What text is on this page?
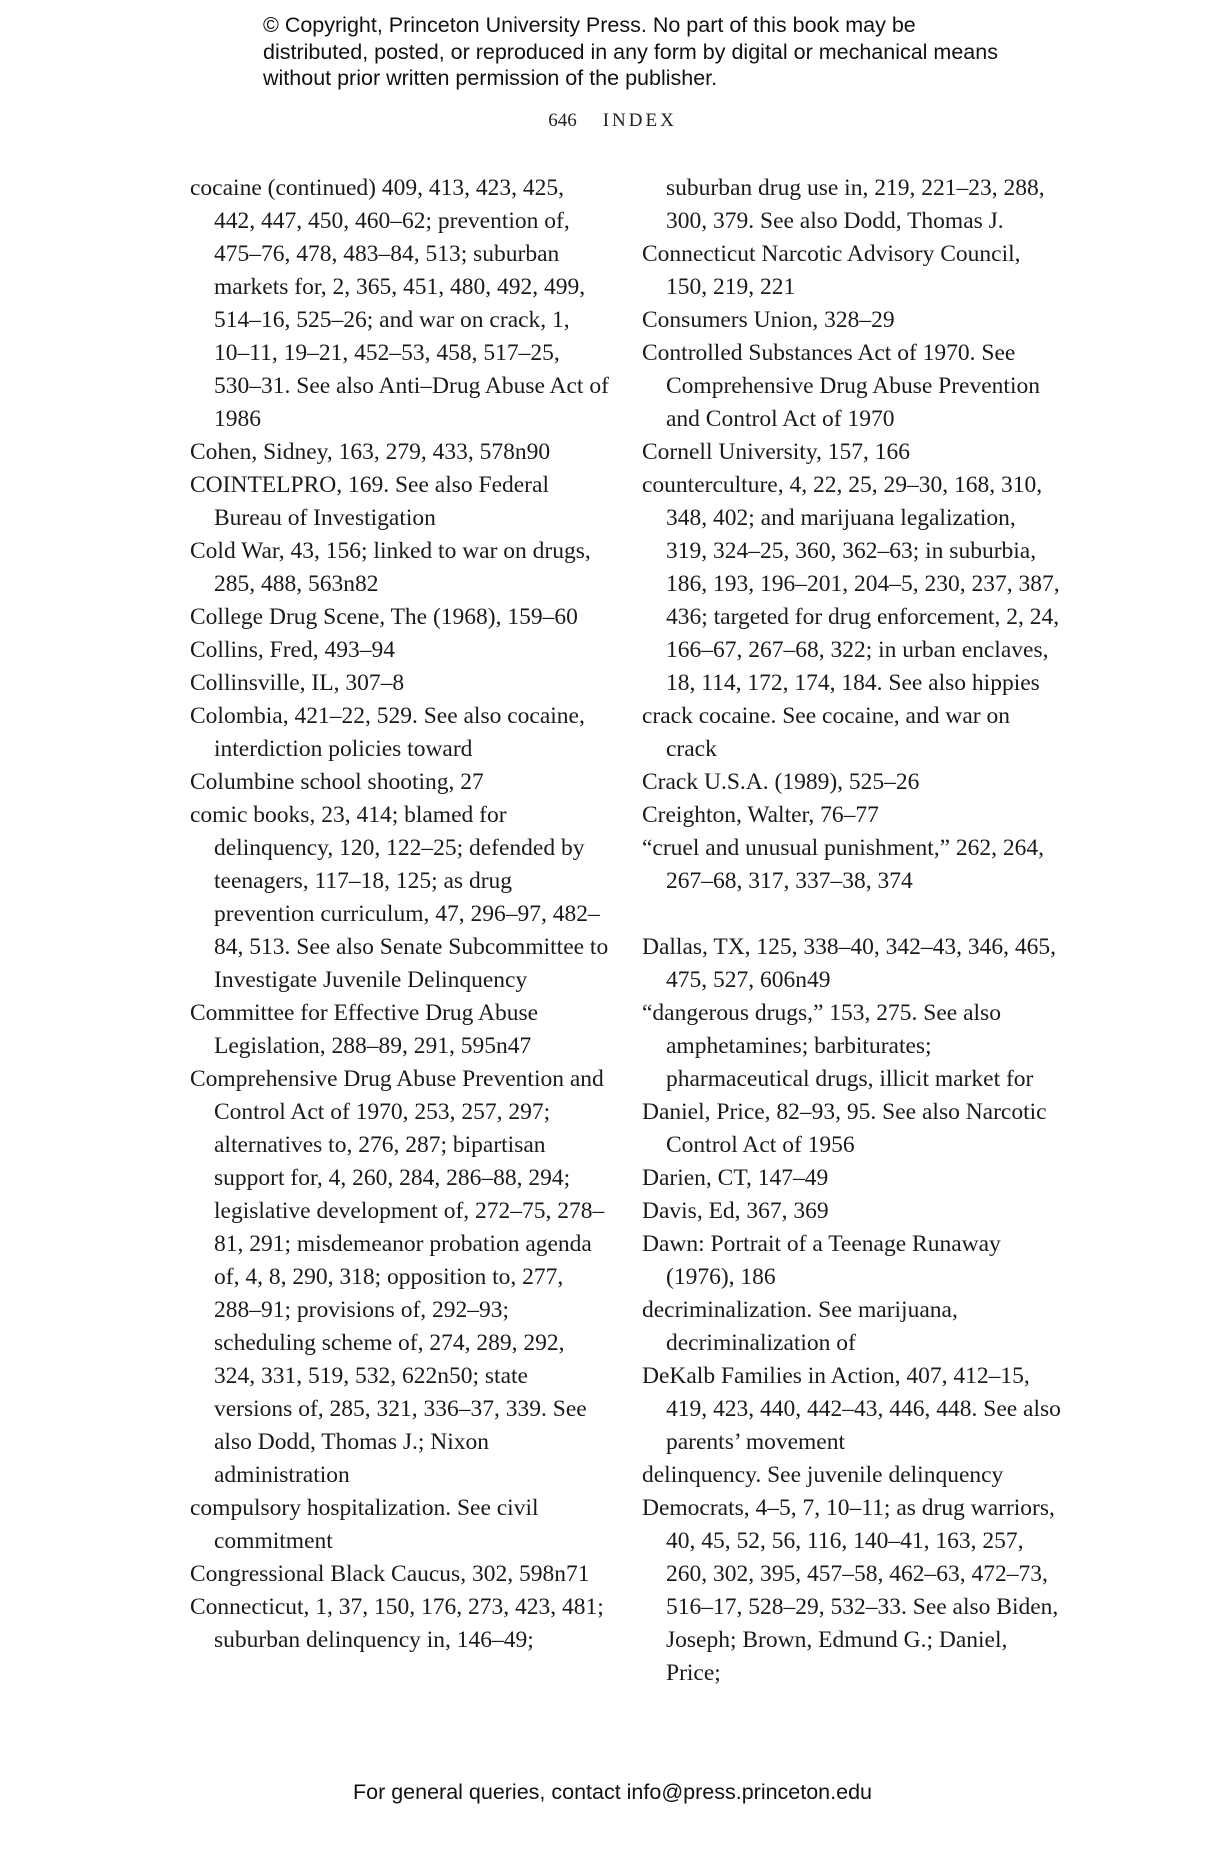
© Copyright, Princeton University Press. No part of this book may be distributed, posted, or reproduced in any form by digital or mechanical means without prior written permission of the publisher.
646 INDEX

cocaine (continued) 409, 413, 423, 425, 442, 447, 450, 460–62; prevention of, 475–76, 478, 483–84, 513; suburban markets for, 2, 365, 451, 480, 492, 499, 514–16, 525–26; and war on crack, 1, 10–11, 19–21, 452–53, 458, 517–25, 530–31. See also Anti–Drug Abuse Act of 1986

Cohen, Sidney, 163, 279, 433, 578n90

COINTELPRO, 169. See also Federal Bureau of Investigation

Cold War, 43, 156; linked to war on drugs, 285, 488, 563n82

College Drug Scene, The (1968), 159–60

Collins, Fred, 493–94

Collinsville, IL, 307–8

Colombia, 421–22, 529. See also cocaine, interdiction policies toward

Columbine school shooting, 27

comic books, 23, 414; blamed for delinquency, 120, 122–25; defended by teenagers, 117–18, 125; as drug prevention curriculum, 47, 296–97, 482–84, 513. See also Senate Subcommittee to Investigate Juvenile Delinquency

Committee for Effective Drug Abuse Legislation, 288–89, 291, 595n47

Comprehensive Drug Abuse Prevention and Control Act of 1970, 253, 257, 297; alternatives to, 276, 287; bipartisan support for, 4, 260, 284, 286–88, 294; legislative development of, 272–75, 278–81, 291; misdemeanor probation agenda of, 4, 8, 290, 318; opposition to, 277, 288–91; provisions of, 292–93; scheduling scheme of, 274, 289, 292, 324, 331, 519, 532, 622n50; state versions of, 285, 321, 336–37, 339. See also Dodd, Thomas J.; Nixon administration

compulsory hospitalization. See civil commitment

Congressional Black Caucus, 302, 598n71

Connecticut, 1, 37, 150, 176, 273, 423, 481; suburban delinquency in, 146–49;

suburban drug use in, 219, 221–23, 288, 300, 379. See also Dodd, Thomas J.

Connecticut Narcotic Advisory Council, 150, 219, 221

Consumers Union, 328–29

Controlled Substances Act of 1970. See Comprehensive Drug Abuse Prevention and Control Act of 1970

Cornell University, 157, 166

counterculture, 4, 22, 25, 29–30, 168, 310, 348, 402; and marijuana legalization, 319, 324–25, 360, 362–63; in suburbia, 186, 193, 196–201, 204–5, 230, 237, 387, 436; targeted for drug enforcement, 2, 24, 166–67, 267–68, 322; in urban enclaves, 18, 114, 172, 174, 184. See also hippies

crack cocaine. See cocaine, and war on crack

Crack U.S.A. (1989), 525–26

Creighton, Walter, 76–77

“cruel and unusual punishment,” 262, 264, 267–68, 317, 337–38, 374

Dallas, TX, 125, 338–40, 342–43, 346, 465, 475, 527, 606n49

“dangerous drugs,” 153, 275. See also amphetamines; barbiturates; pharmaceutical drugs, illicit market for

Daniel, Price, 82–93, 95. See also Narcotic Control Act of 1956

Darien, CT, 147–49

Davis, Ed, 367, 369

Dawn: Portrait of a Teenage Runaway (1976), 186

decriminalization. See marijuana, decriminalization of

DeKalb Families in Action, 407, 412–15, 419, 423, 440, 442–43, 446, 448. See also parents’ movement

delinquency. See juvenile delinquency

Democrats, 4–5, 7, 10–11; as drug warriors, 40, 45, 52, 56, 116, 140–41, 163, 257, 260, 302, 395, 457–58, 462–63, 472–73, 516–17, 528–29, 532–33. See also Biden, Joseph; Brown, Edmund G.; Daniel, Price;

For general queries, contact info@press.princeton.edu
